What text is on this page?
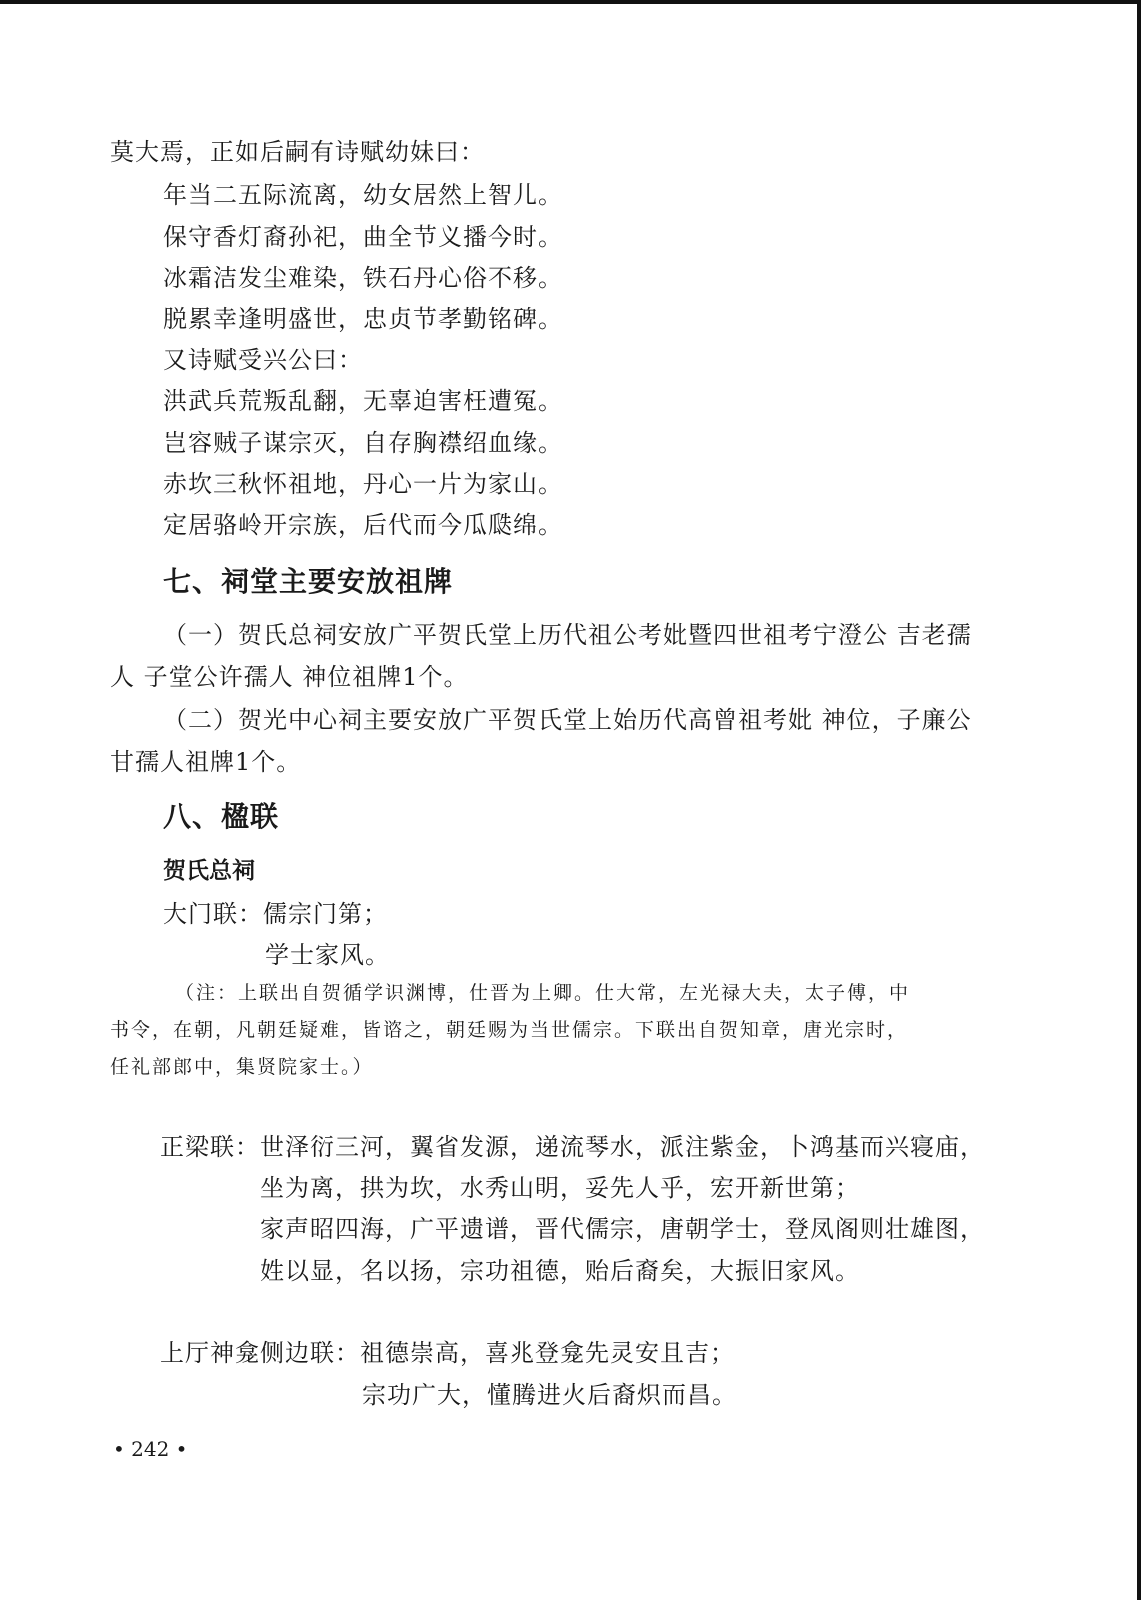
莫大焉，正如后嗣有诗赋幼妹曰：
年当二五际流离，幼女居然上智儿。
保守香灯裔孙祀，曲全节义播今时。
冰霜洁发尘难染，铁石丹心俗不移。
脱累幸逢明盛世，忠贞节孝勤铭碑。
又诗赋受兴公曰：
洪武兵荒叛乱翻，无辜迫害枉遭冤。
岂容贼子谋宗灭，自存胸襟绍血缘。
赤坎三秋怀祖地，丹心一片为家山。
定居骆岭开宗族，后代而今瓜瓞绵。
七、祠堂主要安放祖牌
（一）贺氏总祠安放广平贺氏堂上历代祖公考妣暨四世祖考宁澄公 吉老孺
人 子堂公许孺人 神位祖牌1个。
（二）贺光中心祠主要安放广平贺氏堂上始历代高曾祖考妣 神位，子廉公
甘孺人祖牌1个。
八、楹联
贺氏总祠
大门联：儒宗门第；
学士家风。
（注：上联出自贺循学识渊博，仕晋为上卿。仕大常，左光禄大夫，太子傅，中
书令，在朝，凡朝廷疑难，皆谘之，朝廷赐为当世儒宗。下联出自贺知章，唐光宗时，
任礼部郎中，集贤院家士。）
正梁联：世泽衍三河，翼省发源，递流琴水，派注紫金，卜鸿基而兴寝庙，
坐为离，拱为坎，水秀山明，妥先人乎，宏开新世第；
家声昭四海，广平遗谱，晋代儒宗，唐朝学士，登凤阁则壮雄图，
姓以显，名以扬，宗功祖德，贻后裔矣，大振旧家风。
上厅神龛侧边联：祖德崇高，喜兆登龛先灵安且吉；
宗功广大，懂腾进火后裔炽而昌。
• 242 •
